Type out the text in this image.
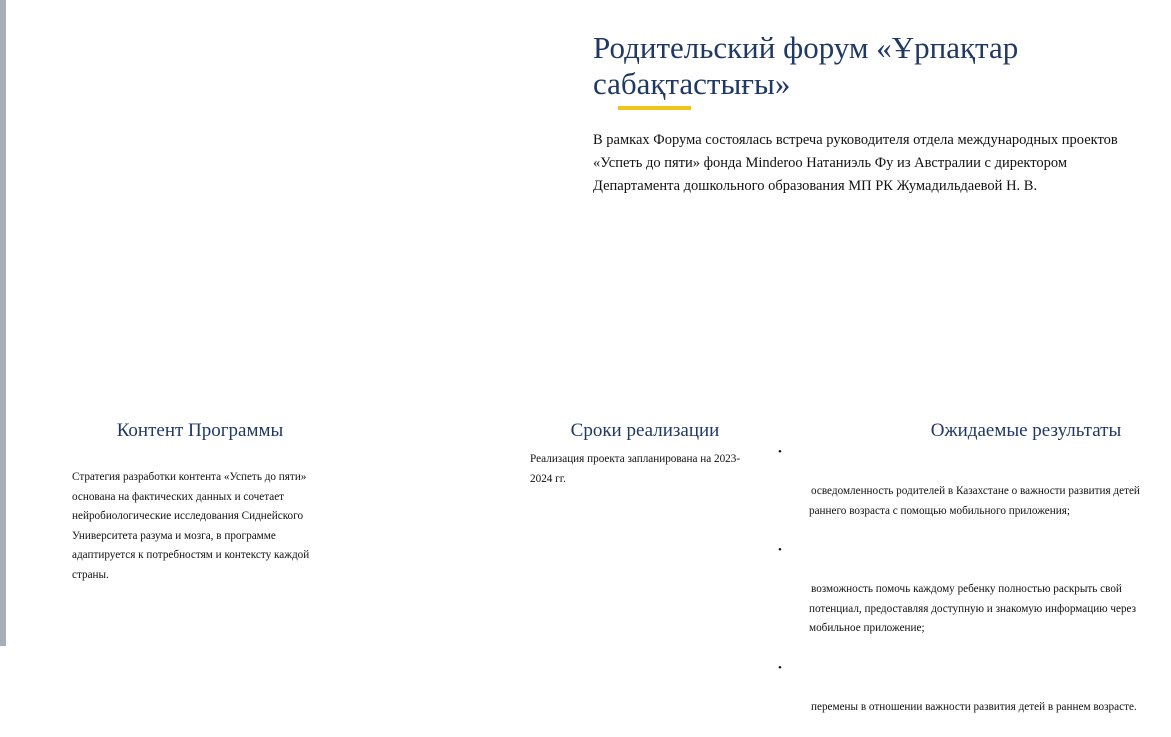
Родительский форум «Ұрпақтар
сабақтастығы»

В рамках Форума состоялась встреча руководителя отдела международных проектов
«Успеть до пяти» фонда Minderoo Натаниэль Фу из Австралии с директором
Департамента дошкольного образования МП РК Жумадильдаевой Н. В.

Контент Программы

Стратегия разработки контента «Успеть до пяти»
основана на фактических данных и сочетает
нейробиологические исследования Сиднейского
Университета разума и мозга, в программе
адаптируется к потребностям и контексту каждой
страны.

Сроки реализации

Реализация проекта запланирована на 2023-
2024 гг.

Ожидаемые результаты

•

осведомленность родителей в Казахстане о важности развития детей
раннего возраста с помощью мобильного приложения;

•

возможность помочь каждому ребенку полностью раскрыть свой
потенциал, предоставляя доступную и знакомую информацию через
мобильное приложение;

•

перемены в отношении важности развития детей в раннем возрасте.
